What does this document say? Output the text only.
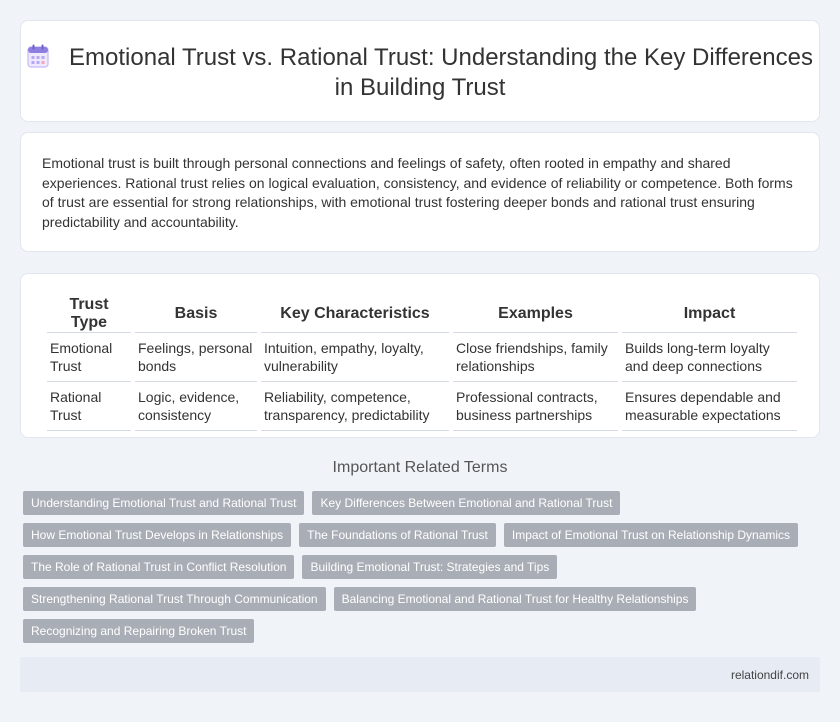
Emotional Trust vs. Rational Trust: Understanding the Key Differences in Building Trust

Emotional trust is built through personal connections and feelings of safety, often rooted in empathy and shared experiences. Rational trust relies on logical evaluation, consistency, and evidence of reliability or competence. Both forms of trust are essential for strong relationships, with emotional trust fostering deeper bonds and rational trust ensuring predictability and accountability.

Trust Type	Basis	Key Characteristics	Examples	Impact
Emotional Trust	Feelings, personal bonds	Intuition, empathy, loyalty, vulnerability	Close friendships, family relationships	Builds long-term loyalty and deep connections
Rational Trust	Logic, evidence, consistency	Reliability, competence, transparency, predictability	Professional contracts, business partnerships	Ensures dependable and measurable expectations
Important Related Terms
Understanding Emotional Trust and Rational Trust Key Differences Between Emotional and Rational Trust
How Emotional Trust Develops in Relationships The Foundations of Rational Trust Impact of Emotional Trust on Relationship Dynamics
The Role of Rational Trust in Conflict Resolution Building Emotional Trust: Strategies and Tips
Strengthening Rational Trust Through Communication Balancing Emotional and Rational Trust for Healthy Relationships
Recognizing and Repairing Broken Trust
relationdif.com
